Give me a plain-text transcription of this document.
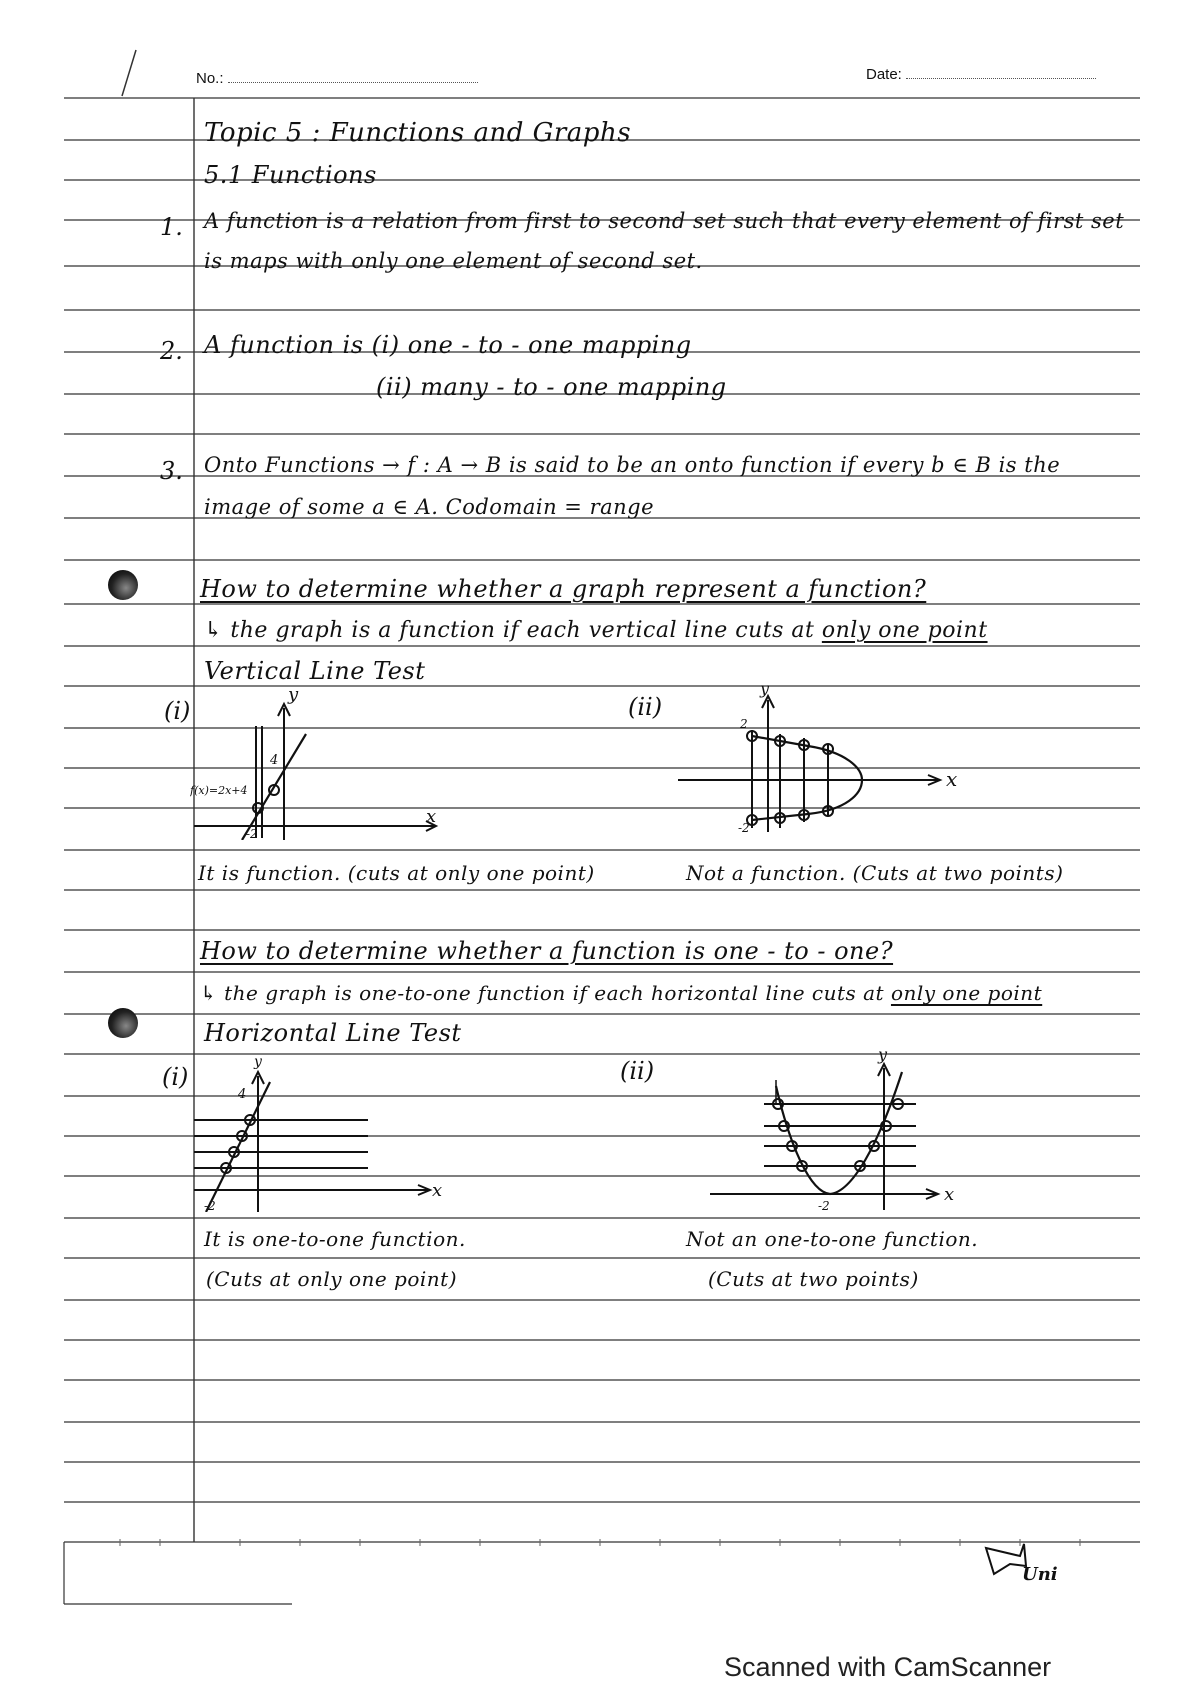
No.:	Date:
Topic 5 : Functions and Graphs
5.1 Functions
1. A function is a relation from first to second set such that every element of first set
is maps with only one element of second set.
2. A function is (i) one - to - one mapping
(ii) many - to - one mapping
3. Onto Functions → f : A → B is said to be an onto function if every b ∈ B is the
image of some a ∈ A. Codomain = range
How to determine whether a graph represent a function?
↳ the graph is a function if each vertical line cuts at only one point
Vertical Line Test
(i)	(ii)
y
x
4
-2
f(x)=2x+4
y
x
2
-2
It is function. (cuts at only one point)	Not a function. (Cuts at two points)
How to determine whether a function is one - to - one?
↳ the graph is one-to-one function if each horizontal line cuts at only one point
Horizontal Line Test
(i)	(ii)
y
x
4
-2
y
x
-2
It is one-to-one function.
(Cuts at only one point)
Not an one-to-one function.
(Cuts at two points)
Uni
Scanned with CamScanner
